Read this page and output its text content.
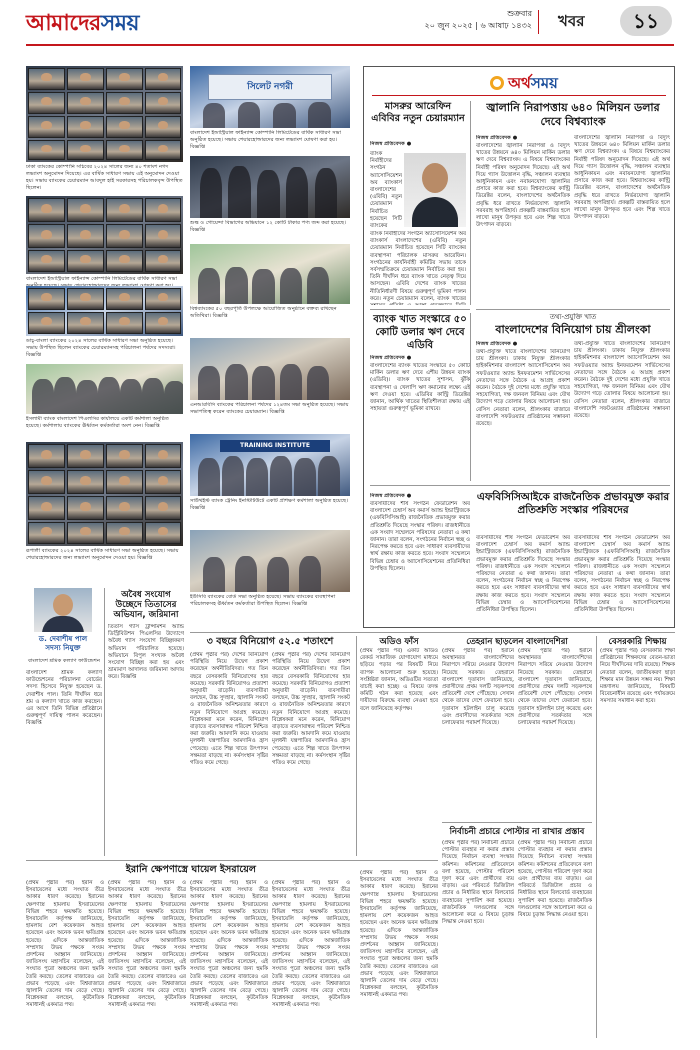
আমাদেরসময়	শুক্রবার
২০ জুন ২০২৫ | ৬ আষাঢ় ১৪৩২ খবর	১১
ঢাকা ব্যাংকের কোম্পানি সচিবের ২০২৪ সালের জন্য ৪০ শতাংশ নগদ লভ্যাংশ অনুমোদন দিয়েছে। এর বার্ষিক সাধারণ সভায় এই অনুমোদন দেওয়া হয়। সভায় ব্যাংকের চেয়ারম্যান আবদুল হাই সরকারসহ পরিচালকবৃন্দ উপস্থিত ছিলেন।
বাংলাদেশ ইন্ডাস্ট্রিয়াল ফাইন্যান্স কোম্পানি লিমিটেডের বার্ষিক সাধারণ সভা
ডাচ্-বাংলা ব্যাংকের ২০২৪ সালের বার্ষিক সাধারণ সভা অনুষ্ঠিত হয়েছে। সভায় উপস্থিত ছিলেন ব্যাংকের চেয়ারম্যানসহ পরিচালনা পর্ষদের সদস্যরা। বিজ্ঞপ্তি
ইসলামী ব্যাংক বাংলাদেশ পিএলসির কার্যালয়ে একটি কর্মশালা অনুষ্ঠিত হয়েছে। কর্মশালায় ব্যাংকের ঊর্ধ্বতন কর্মকর্তারা অংশ নেন। বিজ্ঞপ্তি
রূপালী ব্যাংকের ২০২৪ সালের বার্ষিক সাধারণ সভা অনুষ্ঠিত হয়েছে। সভায় শেয়ারহোল্ডারদের জন্য লভ্যাংশ অনুমোদন দেওয়া হয়। বিজ্ঞপ্তি
ড. দেবাশীষ পাল সদস্য নিযুক্ত
বাংলাদেশ শ্রমিক কল্যাণ ফাউন্ডেশন
বাংলাদেশ শ্রমিক কল্যাণ ফাউন্ডেশনের পরিচালনা বোর্ডের সদস্য হিসেবে নিযুক্ত হয়েছেন ড. দেবাশীষ পাল। তিনি দীর্ঘদিন ধরে শ্রম ও কল্যাণ খাতে কাজ করছেন। এর আগে তিনি বিভিন্ন প্রতিষ্ঠানে গুরুত্বপূর্ণ দায়িত্ব পালন করেছেন। বিজ্ঞপ্তি
অবৈধ সংযোগ উচ্ছেদে তিতাসের অভিযান, জরিমানা
তিতাস গ্যাস ট্রান্সমিশন অ্যান্ড ডিস্ট্রিবিউশন পিএলসির উদ্যোগে অবৈধ গ্যাস সংযোগ বিচ্ছিন্নকরণ অভিযান পরিচালিত হয়েছে। অভিযানে বিপুল সংখ্যক অবৈধ সংযোগ বিচ্ছিন্ন করা হয় এবং ভ্রাম্যমাণ আদালত জরিমানা আদায় করে। বিজ্ঞপ্তি
সিলেট নগরী
বাংলাদেশ ইন্ডাস্ট্রিয়াল ফাইন্যান্স কোম্পানি লিমিটেডের বার্ষিক সাধারণ সভা অনুষ্ঠিত হয়েছে। সভায় শেয়ারহোল্ডারদের জন্য লভ্যাংশ ঘোষণা করা হয়। বিজ্ঞপ্তি
শুল্ক ও গোয়েন্দা বিভাগের অভিযানে ১২ কোটি টাকার পণ্য জব্দ করা হয়েছে। বিজ্ঞপ্তি
বিশ্বব্যাংকের ৫০ বছরপূর্তি উপলক্ষে আয়োজিত অনুষ্ঠানে বক্তব্য রাখছেন অতিথিরা। বিজ্ঞপ্তি
এনআরবিসি ব্যাংকের পরিচালনা পর্ষদের ১২৪তম সভা অনুষ্ঠিত হয়েছে। সভায় সভাপতিত্ব করেন ব্যাংকের চেয়ারম্যান। বিজ্ঞপ্তি
TRAINING INSTITUTE
সাউথইস্ট ব্যাংক ট্রেনিং ইনস্টিটিউটে একটি প্রশিক্ষণ কর্মশালা অনুষ্ঠিত হয়েছে। বিজ্ঞপ্তি
ইউসিবি ব্যাংকের বোর্ড সভা অনুষ্ঠিত হয়েছে। সভায় ব্যাংকের ব্যবস্থাপনা পরিচালকসহ ঊর্ধ্বতন কর্মকর্তারা উপস্থিত ছিলেন। বিজ্ঞপ্তি
অর্থসময়
মাসরুর আরেফিন এবিবির নতুন চেয়ারম্যান
নিজস্ব প্রতিবেদক ●
ব্যাংক নির্বাহীদের সংগঠন অ্যাসোসিয়েশন অব ব্যাংকার্স বাংলাদেশের (এবিবি) নতুন চেয়ারম্যান নির্বাচিত হয়েছেন সিটি ব্যাংকের
ব্যাংক নির্বাহীদের সংগঠন অ্যাসোসিয়েশন অব ব্যাংকার্স বাংলাদেশের (এবিবি) নতুন চেয়ারম্যান নির্বাচিত হয়েছেন সিটি ব্যাংকের ব্যবস্থাপনা পরিচালক মাসরুর আরেফিন। সংগঠনের কার্যনির্বাহী কমিটির সভায় তাকে সর্বসম্মতিক্রমে চেয়ারম্যান নির্বাচিত করা হয়। তিনি দীর্ঘদিন ধরে ব্যাংক খাতে নেতৃত্ব দিয়ে আসছেন। এবিবি দেশের ব্যাংক খাতের নীতিনির্ধারণী বিষয়ে গুরুত্বপূর্ণ ভূমিকা পালন করে। নতুন চেয়ারম্যান বলেন, ব্যাংক খাতের
জ্বালানি নিরাপত্তায় ৬৪০ মিলিয়ন ডলার দেবে বিশ্বব্যাংক
নিজস্ব প্রতিবেদক ●
বাংলাদেশের জ্বালানি নিরাপত্তা ও বিদ্যুৎ খাতের উন্নয়নে ৬৪০ মিলিয়ন মার্কিন ডলার ঋণ দেবে বিশ্বব্যাংক। এ বিষয়ে বিশ্বব্যাংকের নির্বাহী পরিষদ অনুমোদন দিয়েছে। এই অর্থ দিয়ে গ্যাস উত্তোলন বৃদ্ধি, সঞ্চালন ব্যবস্থার আধুনিকায়ন এবং নবায়নযোগ্য জ্বালানির প্রসারে কাজ করা হবে। বিশ্বব্যাংকের কান্ট্রি ডিরেক্টর বলেন, বাংলাদেশের অর্থনৈতিক প্রবৃদ্ধি ধরে রাখতে নির্ভরযোগ্য জ্বালানি সরবরাহ অপরিহার্য। প্রকল্পটি বাস্তবায়িত হলে লাখো মানুষ উপকৃত হবে এবং শিল্প খাতে উৎপাদন বাড়বে।
বাংলাদেশের জ্বালানি নিরাপত্তা ও বিদ্যুৎ খাতের উন্নয়নে ৬৪০ মিলিয়ন মার্কিন ডলার ঋণ দেবে বিশ্বব্যাংক। এ বিষয়ে বিশ্বব্যাংকের নির্বাহী পরিষদ অনুমোদন দিয়েছে। এই অর্থ দিয়ে গ্যাস উত্তোলন বৃদ্ধি, সঞ্চালন ব্যবস্থার আধুনিকায়ন এবং নবায়নযোগ্য জ্বালানির প্রসারে কাজ করা হবে। বিশ্বব্যাংকের কান্ট্রি ডিরেক্টর বলেন, বাংলাদেশের অর্থনৈতিক প্রবৃদ্ধি ধরে রাখতে নির্ভরযোগ্য জ্বালানি সরবরাহ অপরিহার্য। প্রকল্পটি বাস্তবায়িত হলে লাখো মানুষ উপকৃত হবে এবং শিল্প খাতে উৎপাদন বাড়বে।
তথ্য-প্রযুক্তি খাত
বাংলাদেশের বিনিয়োগ চায় শ্রীলংকা
নিজস্ব প্রতিবেদক ●
তথ্য-প্রযুক্তি খাতে বাংলাদেশের বিনিয়োগ চায় শ্রীলংকা। ঢাকায় নিযুক্ত শ্রীলংকার হাইকমিশনার বাংলাদেশ অ্যাসোসিয়েশন অব সফটওয়্যার অ্যান্ড ইনফরমেশন সার্ভিসেসের নেতাদের সঙ্গে বৈঠকে এ আগ্রহ প্রকাশ করেন। বৈঠকে দুই দেশের মধ্যে প্রযুক্তি খাতে সহযোগিতা, দক্ষ জনবল বিনিময় এবং যৌথ উদ্যোগ গড়ে তোলার বিষয়ে আলোচনা হয়। বেসিস নেতারা বলেন, শ্রীলংকার বাজারে বাংলাদেশি সফটওয়্যার প্রতিষ্ঠানের সম্ভাবনা রয়েছে।
তথ্য-প্রযুক্তি খাতে বাংলাদেশের বিনিয়োগ চায় শ্রীলংকা। ঢাকায় নিযুক্ত শ্রীলংকার হাইকমিশনার বাংলাদেশ অ্যাসোসিয়েশন অব সফটওয়্যার অ্যান্ড ইনফরমেশন সার্ভিসেসের নেতাদের সঙ্গে বৈঠকে এ আগ্রহ প্রকাশ করেন। বৈঠকে দুই দেশের মধ্যে প্রযুক্তি খাতে সহযোগিতা, দক্ষ জনবল বিনিময় এবং যৌথ উদ্যোগ গড়ে তোলার বিষয়ে আলোচনা হয়। বেসিস নেতারা বলেন, শ্রীলংকার বাজারে বাংলাদেশি সফটওয়্যার প্রতিষ্ঠানের সম্ভাবনা রয়েছে।
ব্যাংক খাত সংস্কারে ৫০ কোটি ডলার ঋণ দেবে এডিবি
নিজস্ব প্রতিবেদক ●
বাংলাদেশের ব্যাংক খাতের সংস্কারে ৫০ কোটি মার্কিন ডলার ঋণ দেবে এশীয় উন্নয়ন ব্যাংক (এডিবি)। ব্যাংক খাতের সুশাসন, ঝুঁকি ব্যবস্থাপনা ও খেলাপি ঋণ কমানোর লক্ষ্যে এই ঋণ দেওয়া হবে। এডিবির কান্ট্রি ডিরেক্টর জানান, আর্থিক খাতের স্থিতিশীলতা রক্ষায় এই সহায়তা গুরুত্বপূর্ণ ভূমিকা রাখবে।
এফবিসিসিআইকে রাজনৈতিক প্রভাবমুক্ত করার প্রতিশ্রুতি সংস্কার পরিষদের
নিজস্ব প্রতিবেদক ●
ব্যবসায়ীদের শীর্ষ সংগঠন ফেডারেশন অব বাংলাদেশ চেম্বার্স অব কমার্স অ্যান্ড ইন্ডাস্ট্রিজকে (এফবিসিসিআই) রাজনৈতিক প্রভাবমুক্ত করার প্রতিশ্রুতি দিয়েছে সংস্কার পরিষদ। রাজধানীতে এক সংবাদ সম্মেলনে পরিষদের নেতারা এ কথা জানান। তারা বলেন, সংগঠনের নির্বাচন স্বচ্ছ ও নিরপেক্ষ করতে হবে এবং সাধারণ ব্যবসায়ীদের স্বার্থ রক্ষায় কাজ করতে হবে। সংবাদ সম্মেলনে বিভিন্ন চেম্বার ও অ্যাসোসিয়েশনের প্রতিনিধিরা উপস্থিত ছিলেন।
ব্যবসায়ীদের শীর্ষ সংগঠন ফেডারেশন অব বাংলাদেশ চেম্বার্স অব কমার্স অ্যান্ড ইন্ডাস্ট্রিজকে (এফবিসিসিআই) রাজনৈতিক প্রভাবমুক্ত করার প্রতিশ্রুতি দিয়েছে সংস্কার পরিষদ। রাজধানীতে এক সংবাদ সম্মেলনে পরিষদের নেতারা এ কথা জানান। তারা বলেন, সংগঠনের নির্বাচন স্বচ্ছ ও নিরপেক্ষ করতে হবে এবং সাধারণ ব্যবসায়ীদের স্বার্থ রক্ষায় কাজ করতে হবে। সংবাদ সম্মেলনে বিভিন্ন চেম্বার ও অ্যাসোসিয়েশনের প্রতিনিধিরা উপস্থিত ছিলেন।
ব্যবসায়ীদের শীর্ষ সংগঠন ফেডারেশন অব বাংলাদেশ চেম্বার্স অব কমার্স অ্যান্ড ইন্ডাস্ট্রিজকে (এফবিসিসিআই) রাজনৈতিক প্রভাবমুক্ত করার প্রতিশ্রুতি দিয়েছে সংস্কার পরিষদ। রাজধানীতে এক সংবাদ সম্মেলনে পরিষদের নেতারা এ কথা জানান। তারা বলেন, সংগঠনের নির্বাচন স্বচ্ছ ও নিরপেক্ষ করতে হবে এবং সাধারণ ব্যবসায়ীদের স্বার্থ রক্ষায় কাজ করতে হবে। সংবাদ সম্মেলনে বিভিন্ন চেম্বার ও অ্যাসোসিয়েশনের প্রতিনিধিরা উপস্থিত ছিলেন।
৩ বছরে বিনিয়োগ ৫২.৫ শতাংশে
(প্রথম পৃষ্ঠার পর) দেশের বিনিয়োগ পরিস্থিতি নিয়ে উদ্বেগ প্রকাশ করেছেন অর্থনীতিবিদরা। গত তিন বছরে বেসরকারি বিনিয়োগের হার কমেছে। সরকারি বিনিয়োগও প্রত্যাশা অনুযায়ী বাড়েনি। ব্যবসায়ীরা বলছেন, উচ্চ সুদহার, জ্বালানি সংকট ও রাজনৈতিক অনিশ্চয়তার কারণে নতুন বিনিয়োগে আগ্রহ কমেছে। বিশ্লেষকরা মনে করেন, বিনিয়োগ বাড়াতে ব্যবসাবান্ধব পরিবেশ নিশ্চিত করা জরুরি। আমদানি কমে যাওয়ায় মূলধনী যন্ত্রপাতির আমদানিও হ্রাস পেয়েছে। এতে শিল্প খাতে উৎপাদন সক্ষমতা বাড়ছে না। কর্মসংস্থান সৃষ্টির গতিও কমে গেছে।
(প্রথম পৃষ্ঠার পর) দেশের বিনিয়োগ পরিস্থিতি নিয়ে উদ্বেগ প্রকাশ করেছেন অর্থনীতিবিদরা। গত তিন বছরে বেসরকারি বিনিয়োগের হার কমেছে। সরকারি বিনিয়োগও প্রত্যাশা অনুযায়ী বাড়েনি। ব্যবসায়ীরা বলছেন, উচ্চ সুদহার, জ্বালানি সংকট ও রাজনৈতিক অনিশ্চয়তার কারণে নতুন বিনিয়োগে আগ্রহ কমেছে। বিশ্লেষকরা মনে করেন, বিনিয়োগ বাড়াতে ব্যবসাবান্ধব পরিবেশ নিশ্চিত করা জরুরি। আমদানি কমে যাওয়ায় মূলধনী যন্ত্রপাতির আমদানিও হ্রাস পেয়েছে। এতে শিল্প খাতে উৎপাদন সক্ষমতা বাড়ছে না। কর্মসংস্থান সৃষ্টির গতিও কমে গেছে।
অডিও ফাঁস
(প্রথম পৃষ্ঠার পর) একটি অডিও রেকর্ড সামাজিক যোগাযোগ মাধ্যমে ছড়িয়ে পড়ার পর বিষয়টি নিয়ে ব্যাপক আলোচনা শুরু হয়েছে। সংশ্লিষ্টরা জানান, অডিওটির সত্যতা যাচাই করা হচ্ছে। এ বিষয়ে তদন্ত কমিটি গঠন করা হয়েছে এবং দায়ীদের বিরুদ্ধে ব্যবস্থা নেওয়া হবে বলে জানিয়েছে কর্তৃপক্ষ।
তেহরান ছাড়লেন বাংলাদেশিরা
(প্রথম পৃষ্ঠার পর) ইরানে অবস্থানরত বাংলাদেশিদের নিরাপদে সরিয়ে নেওয়ার উদ্যোগ নিয়েছে সরকার। তেহরানে বাংলাদেশ দূতাবাস জানিয়েছে, প্রবাসীদের প্রথম দলটি সড়কপথে প্রতিবেশী দেশে পৌঁছেছে। সেখান থেকে তাদের দেশে ফেরানো হবে। দূতাবাস হটলাইন চালু করেছে এবং প্রবাসীদের সতর্কতার সঙ্গে চলাফেরার পরামর্শ দিয়েছে।
(প্রথম পৃষ্ঠার পর) ইরানে অবস্থানরত বাংলাদেশিদের নিরাপদে সরিয়ে নেওয়ার উদ্যোগ নিয়েছে সরকার। তেহরানে বাংলাদেশ দূতাবাস জানিয়েছে, প্রবাসীদের প্রথম দলটি সড়কপথে প্রতিবেশী দেশে পৌঁছেছে। সেখান থেকে তাদের দেশে ফেরানো হবে। দূতাবাস হটলাইন চালু করেছে এবং প্রবাসীদের সতর্কতার সঙ্গে চলাফেরার পরামর্শ দিয়েছে।
বেসরকারি শিক্ষায়
(প্রথম পৃষ্ঠার পর) বেসরকারি শিক্ষা প্রতিষ্ঠানের শিক্ষকদের বেতন-ভাতা নিয়ে দীর্ঘদিনের দাবি রয়েছে। শিক্ষক নেতারা বলেন, জাতীয়করণ ছাড়া শিক্ষার মান উন্নয়ন সম্ভব নয়। শিক্ষা মন্ত্রণালয় জানিয়েছে, বিষয়টি বিবেচনাধীন রয়েছে এবং পর্যায়ক্রমে সমস্যার সমাধান করা হবে।
নির্বাচনী প্রচারে পোস্টার না রাখার প্রস্তাব
(প্রথম পৃষ্ঠার পর) নির্বাচনী প্রচারে পোস্টার ব্যবহার না করার প্রস্তাব দিয়েছে নির্বাচন ব্যবস্থা সংস্কার কমিশন। কমিশনের প্রতিবেদনে বলা হয়েছে, পোস্টার পরিবেশ দূষণ করে এবং প্রার্থীদের ব্যয় বাড়ায়। এর পরিবর্তে ডিজিটাল প্রচার ও নির্ধারিত স্থানে বিলবোর্ড ব্যবহারের সুপারিশ করা হয়েছে। রাজনৈতিক দলগুলোর সঙ্গে আলোচনা করে এ বিষয়ে চূড়ান্ত সিদ্ধান্ত নেওয়া হবে।
(প্রথম পৃষ্ঠার পর) নির্বাচনী প্রচারে পোস্টার ব্যবহার না করার প্রস্তাব দিয়েছে নির্বাচন ব্যবস্থা সংস্কার কমিশন। কমিশনের প্রতিবেদনে বলা হয়েছে, পোস্টার পরিবেশ দূষণ করে এবং প্রার্থীদের ব্যয় বাড়ায়। এর পরিবর্তে ডিজিটাল প্রচার ও নির্ধারিত স্থানে বিলবোর্ড ব্যবহারের সুপারিশ করা হয়েছে। রাজনৈতিক দলগুলোর সঙ্গে আলোচনা করে এ বিষয়ে চূড়ান্ত সিদ্ধান্ত নেওয়া হবে।
ইরানি ক্ষেপণাস্ত্রে ঘায়েল ইসরায়েল
(প্রথম পৃষ্ঠার পর) ইরান ও ইসরায়েলের মধ্যে সংঘাত তীব্র আকার ধারণ করেছে। ইরানের ক্ষেপণাস্ত্র হামলায় ইসরায়েলের বিভিন্ন শহরে ক্ষয়ক্ষতি হয়েছে। ইসরায়েলি কর্তৃপক্ষ জানিয়েছে, হামলায় বেশ কয়েকজন আহত হয়েছেন এবং অনেক ভবন ক্ষতিগ্রস্ত হয়েছে। এদিকে আন্তর্জাতিক সম্প্রদায় উভয় পক্ষকে সংযম প্রদর্শনের আহ্বান জানিয়েছে। জাতিসংঘ মহাসচিব বলেছেন, এই সংঘাত পুরো অঞ্চলের জন্য হুমকি তৈরি করছে। তেলের বাজারেও এর প্রভাব পড়েছে এবং বিশ্ববাজারে জ্বালানি তেলের দাম বেড়ে গেছে। বিশ্লেষকরা বলছেন, কূটনৈতিক সমাধানই একমাত্র পথ।
(প্রথম পৃষ্ঠার পর) ইরান ও ইসরায়েলের মধ্যে সংঘাত তীব্র আকার ধারণ করেছে। ইরানের ক্ষেপণাস্ত্র হামলায় ইসরায়েলের বিভিন্ন শহরে ক্ষয়ক্ষতি হয়েছে। ইসরায়েলি কর্তৃপক্ষ জানিয়েছে, হামলায় বেশ কয়েকজন আহত হয়েছেন এবং অনেক ভবন ক্ষতিগ্রস্ত হয়েছে। এদিকে আন্তর্জাতিক সম্প্রদায় উভয় পক্ষকে সংযম প্রদর্শনের আহ্বান জানিয়েছে। জাতিসংঘ মহাসচিব বলেছেন, এই সংঘাত পুরো অঞ্চলের জন্য হুমকি তৈরি করছে। তেলের বাজারেও এর প্রভাব পড়েছে এবং বিশ্ববাজারে জ্বালানি তেলের দাম বেড়ে গেছে। বিশ্লেষকরা বলছেন, কূটনৈতিক সমাধানই একমাত্র পথ।
(প্রথম পৃষ্ঠার পর) ইরান ও ইসরায়েলের মধ্যে সংঘাত তীব্র আকার ধারণ করেছে। ইরানের ক্ষেপণাস্ত্র হামলায় ইসরায়েলের বিভিন্ন শহরে ক্ষয়ক্ষতি হয়েছে। ইসরায়েলি কর্তৃপক্ষ জানিয়েছে, হামলায় বেশ কয়েকজন আহত হয়েছেন এবং অনেক ভবন ক্ষতিগ্রস্ত হয়েছে। এদিকে আন্তর্জাতিক সম্প্রদায় উভয় পক্ষকে সংযম প্রদর্শনের আহ্বান জানিয়েছে। জাতিসংঘ মহাসচিব বলেছেন, এই সংঘাত পুরো অঞ্চলের জন্য হুমকি তৈরি করছে। তেলের বাজারেও এর প্রভাব পড়েছে এবং বিশ্ববাজারে জ্বালানি তেলের দাম বেড়ে গেছে। বিশ্লেষকরা বলছেন, কূটনৈতিক সমাধানই একমাত্র পথ।
(প্রথম পৃষ্ঠার পর) ইরান ও ইসরায়েলের মধ্যে সংঘাত তীব্র আকার ধারণ করেছে। ইরানের ক্ষেপণাস্ত্র হামলায় ইসরায়েলের বিভিন্ন শহরে ক্ষয়ক্ষতি হয়েছে। ইসরায়েলি কর্তৃপক্ষ জানিয়েছে, হামলায় বেশ কয়েকজন আহত হয়েছেন এবং অনেক ভবন ক্ষতিগ্রস্ত হয়েছে। এদিকে আন্তর্জাতিক সম্প্রদায় উভয় পক্ষকে সংযম প্রদর্শনের আহ্বান জানিয়েছে। জাতিসংঘ মহাসচিব বলেছেন, এই সংঘাত পুরো অঞ্চলের জন্য হুমকি তৈরি করছে। তেলের বাজারেও এর প্রভাব পড়েছে এবং বিশ্ববাজারে জ্বালানি তেলের দাম বেড়ে গেছে। বিশ্লেষকরা বলছেন, কূটনৈতিক সমাধানই একমাত্র পথ।
(প্রথম পৃষ্ঠার পর) ইরান ও ইসরায়েলের মধ্যে সংঘাত তীব্র আকার ধারণ করেছে। ইরানের ক্ষেপণাস্ত্র হামলায় ইসরায়েলের বিভিন্ন শহরে ক্ষয়ক্ষতি হয়েছে। ইসরায়েলি কর্তৃপক্ষ জানিয়েছে, হামলায় বেশ কয়েকজন আহত হয়েছেন এবং অনেক ভবন ক্ষতিগ্রস্ত হয়েছে। এদিকে আন্তর্জাতিক সম্প্রদায় উভয় পক্ষকে সংযম প্রদর্শনের আহ্বান জানিয়েছে। জাতিসংঘ মহাসচিব বলেছেন, এই সংঘাত পুরো অঞ্চলের জন্য হুমকি তৈরি করছে। তেলের বাজারেও এর প্রভাব পড়েছে এবং বিশ্ববাজারে জ্বালানি তেলের দাম বেড়ে গেছে। বিশ্লেষকরা বলছেন, কূটনৈতিক সমাধানই একমাত্র পথ।
